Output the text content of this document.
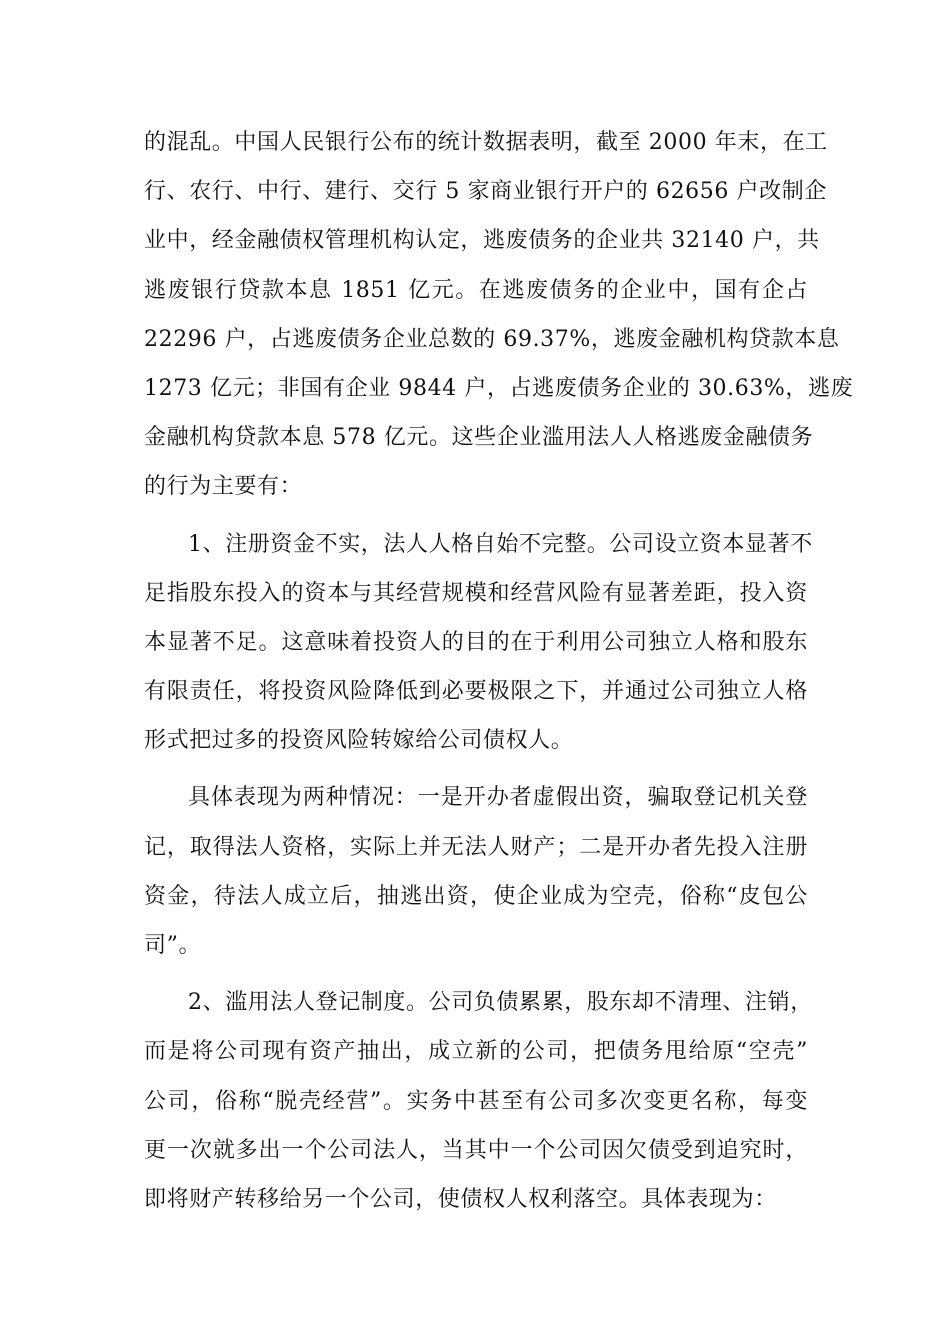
的混乱。中国人民银行公布的统计数据表明，截至 2000 年末，在工
行、农行、中行、建行、交行 5 家商业银行开户的 62656 户改制企
业中，经金融债权管理机构认定，逃废债务的企业共 32140 户，共
逃废银行贷款本息 1851 亿元。在逃废债务的企业中，国有企占
22296 户，占逃废债务企业总数的 69.37%，逃废金融机构贷款本息
1273 亿元；非国有企业 9844 户，占逃废债务企业的 30.63%，逃废
金融机构贷款本息 578 亿元。这些企业滥用法人人格逃废金融债务
的行为主要有：
1、注册资金不实，法人人格自始不完整。公司设立资本显著不
足指股东投入的资本与其经营规模和经营风险有显著差距，投入资
本显著不足。这意味着投资人的目的在于利用公司独立人格和股东
有限责任，将投资风险降低到必要极限之下，并通过公司独立人格
形式把过多的投资风险转嫁给公司债权人。
具体表现为两种情况：一是开办者虚假出资，骗取登记机关登
记，取得法人资格，实际上并无法人财产；二是开办者先投入注册
资金，待法人成立后，抽逃出资，使企业成为空壳，俗称“皮包公
司”。
2、滥用法人登记制度。公司负债累累，股东却不清理、注销，
而是将公司现有资产抽出，成立新的公司，把债务甩给原“空壳”
公司，俗称“脱壳经营”。实务中甚至有公司多次变更名称，每变
更一次就多出一个公司法人，当其中一个公司因欠债受到追究时，
即将财产转移给另一个公司，使债权人权利落空。具体表现为：
